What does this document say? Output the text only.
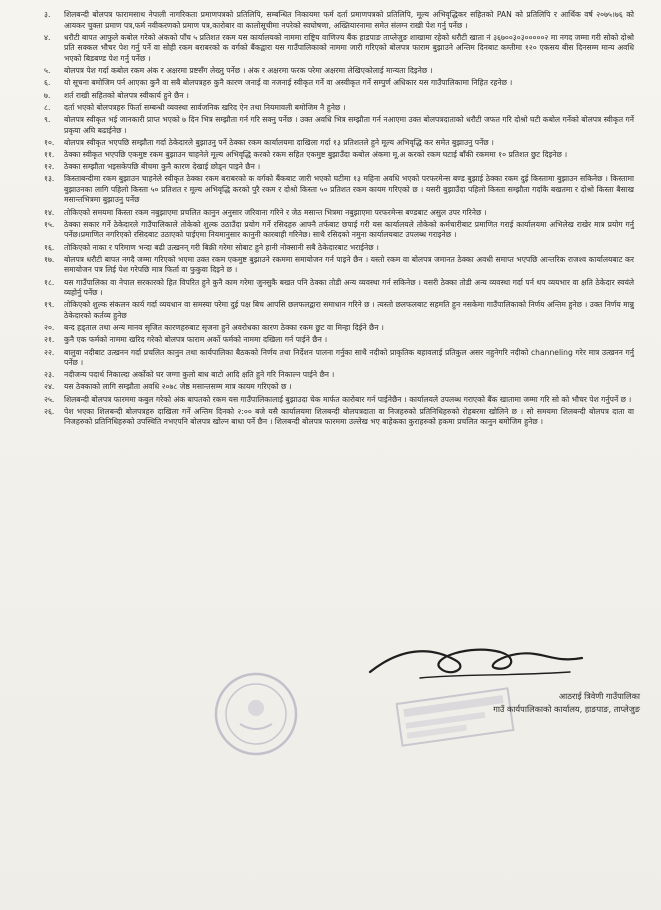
३.	शिलबन्दी बोलपत्र फारामसाथ नेपाली नागरिकता प्रमाणपत्रको प्रतिलिपि, सम्बन्धित निकायमा फर्म दर्ता प्रमाणपत्रको प्रतिलिपि, मूल्य अभिवृद्धिकर सहितको PAN को प्रतिलिपि र आर्थिक वर्ष २०७५।७६ को आयकर चुक्ता प्रमाण पत्र,फर्म नवीकरणको प्रमाण पत्र,कारोबार वा कालोसूचीमा नपरेको स्वघोषणा, अख्तियारनामा समेत संलग्न राखी पेश गर्नु पर्नेछ ।
४.	धरौटी बापत आफुले कबोल गरेको अंकको पाँच ५ प्रतिशत रकम यस कार्यालयको नाममा राष्ट्रिय वाणिज्य बैंक हाडपाङ ताप्लेजुङ शाखामा रहेको धरौटी खाता नं ३६७००३०३०००००२ मा नगद जम्मा गरी सोको दोश्रो प्रति सक्कल भौचर पेश गर्नु पर्ने वा सोही रकम बराबरको क वर्गको बैंकद्वारा यस गाउँपालिकाको नाममा जारी गरिएको बोलपत्र फाराम बुझाउने अन्तिम दिनबाट कम्तीमा १२० एकसय बीस दिनसम्म मान्य अवधि भएको बिडबण्ड पेश गर्नु पर्नेछ ।
५.	बोलपत्र पेश गर्दा कबोल रकम अंक र अक्षरमा प्रष्टसँग लेख्नु पर्नेछ । अंक र अक्षरमा फरक परेमा अक्षरमा लेखिएकोलाई मान्यता दिइनेछ ।
६.	यो सूचना बमोजिम पर्न आएका कुनै वा सबै बोलपत्रहरु कुनै कारण जनाई वा नजनाई स्वीकृत गर्ने वा अस्वीकृत गर्ने सम्पुर्ण अधिकार यस गाउँपालिकामा निहित रहनेछ ।
७.	शर्त राखी सहितको बोलपत्र स्वीकार्य हुने छैन ।
८.	दर्ता भएको बोलपत्रहरु फिर्ता सम्बन्धी व्यवस्था सार्वजनिक खरिद ऐन तथा नियमावली बमोजिम नै हुनेछ ।
९.	बोलपत्र स्वीकृत भई जानकारी प्राप्त भएको ७ दिन भित्र सम्झौता गर्न गरि सक्नु पर्नेछ । उक्त अवधि भित्र सम्झौता गर्न नआएमा उक्त बोलपत्रदाताको धरौटी जफत गरि दोश्रो घटी कबोल गर्नेको बोलपत्र स्वीकृत गर्ने प्रकृया अघि बढाईनेछ ।
१०.	बोलपत्र स्वीकृत भएपछि सम्झौता गर्दा ठेकेदारले बुझाउनु पर्ने ठेक्का रकम कार्यालयमा दाखिला गर्दा १३ प्रतिशतले हुने मूल्य अभिवृद्धि कर समेत बुझाउनु पर्नेछ ।
११.	ठेक्का स्वीकृत भएपछि एकमुष्ट रकम बुझाउन चाहनेले मूल्य अभिवृद्धि करको रकम सहित एकमुष्ट बुझाउँदा कबोल अंकमा मू.अ करको रकम घटाई बाँकी रकममा १० प्रतिशत छुट दिइनेछ ।
१२.	ठेक्का सम्झौता भइसकेपछि बीचमा कुनै कारण देखाई छोड्न पाइने छैन ।
१३.	किस्ताबन्दीमा रकम बुझाउन चाहनेले स्वीकृत ठेक्का रकम बराबरको क वर्गको बैंकबाट जारी भएको घटीमा १३ महिना अवधि भएको परफरमेन्स बण्ड बुझाई ठेक्का रकम दुई किस्तामा बुझाउन सकिनेछ । किस्तामा बुझाउनका लागि पहिलो किस्ता ५० प्रतिशत र मूल्य अभिवृद्धि करको पुरै रकम र दोश्रो किस्ता ५० प्रतिशत रकम कायम गरिएको छ । यसरी बुझाउँदा पहिलो किस्ता सम्झौता गर्दाकै बखतमा र दोश्रो किस्ता बैसाख मसान्तभित्रमा बुझाउनु पर्नेछ
१४.	तोकिएको समयमा किस्ता रकम नबुझाएमा प्रचलित कानुन अनुसार जरिवाना गरिने र जेठ मसान्त भित्रमा नबुझाएमा परफरमेन्स बण्डबाट असुल उपर गरिनेछ ।
१५.	ठेक्का सकार गर्ने ठेकेदारले गाउँपालिकाले तोकेको शुल्क उठाउँदा प्रयोग गर्ने रसिदहरु आफ्नै तर्फबाट छपाई गरी यस कार्यालयले तोकेको कर्मचारीबाट प्रमाणित गराई कार्यालयमा अभिलेख राखेर मात्र प्रयोग गर्नु पर्नेछ।प्रमाणित नगरिएको रसिदबाट उठाएको पाईएमा नियमानुसार कानुनी कारबाही गरिनेछ। साथै रसिदको नमुना कार्यालयबाट उपलब्ध गराइनेछ ।
१६.	तोकिएको नाका र परिमाण भन्दा बढी उत्खनन् गरी बिक्री गरेमा सोबाट हुने हानी नोक्सानी सबै ठेकेदारबाट भराईनेछ ।
१७.	बोलपत्र धरौटी बापत नगदै जम्मा गरिएको भएमा उक्त रकम एकमुष्ट बुझाउने रकममा समायोजन गर्न पाइने छैन । यस्तो रकम वा बोलपत्र जमानत ठेक्का अवधी समाप्त भएपछि आन्तरिक राजश्व कार्यालयबाट कर समायोजन पत्र लिई पेश गरेपछि मात्र फिर्ता वा फुकुवा दिइने छ ।
१८.	यस गाउँपालिका वा नेपाल सरकारको हित विपरित हुने कुनै काम गरेमा जुनसुकै बखत पनि ठेक्का तोडी अन्य व्यवस्था गर्न सकिनेछ । यसरी ठेक्का तोडी अन्य व्यवस्था गर्दा पर्न थप व्ययभार वा क्षति ठेकेदार स्वयंले व्यहोर्नु पर्नेछ ।
१९.	तोकिएको शुल्क संकलन कार्य गर्दा व्ययधान वा समस्या परेमा दुई पक्ष बिच आपसि छलफलद्वारा समाधान गरिने छ । त्यस्तो छलफलबाट सहमति हुन नसकेमा गाउँपालिकाको निर्णय अन्तिम हुनेछ । उक्त निर्णय मान्नु ठेकेदारको कर्तव्य हुनेछ
२०.	बन्द हड्ताल तथा अन्य मानव सृजित कारणहरुबाट सृजना हुने अवरोधका कारण ठेक्का रकम छुट वा मिन्हा दिईने छैन ।
२१.	कुनै एक फर्मको नाममा खरिद गरेको बोलपत्र फाराम अर्को फर्मको नाममा दखिला गर्न पाईने छैन ।
२२.	बालुवा नदीबाट उत्खनन गर्दा प्रचलित कानुन तथा कार्यपालिका बैठकको निर्णय तथा निर्देशन पालना गर्नुका साथै नदीको प्राकृतिक बहावलाई प्रतिकुल असर नहुनेगरि नदीको channeling गरेर मात्र उत्खनन गर्नु पर्नेछ ।
२३.	नदीजन्य पदार्थ निकाल्दा अर्कोको घर जग्गा कुलो बाध बाटो आदि क्षति हुने गरि निकाल्न पाईने छैन ।
२४.	यस ठेक्काको लागि सम्झौता अवधि २०७८ जेष्ठ मसान्तसम्म मात्र कायम गरिएको छ ।
२५.	शिलबन्दी बोलपत्र फारममा कबुल गरेको अंक बापतको रकम यस गाउँपालिकालाई बुझाउदा चेक मार्फत कारोबार गर्न पाईनेछैन । कार्यालयले उपलब्ध गराएको बैंक खातामा जम्मा गरि सो को भौचर पेश गर्नुपर्ने छ ।
२६.	पेश भएका शिलबन्दी बोलपत्रहरु दाखिला गर्ने अन्तिम दिनको २:०० बजे यसै कार्यालयमा शिलबन्दी बोलपत्रदाता वा निजहरुको प्रतिनिधिहरुको रोहबरमा खोलिने छ । सो समयमा शिलबन्दी बोलपत्र दाता वा निजहरुको प्रतिनिधिहरुको उपस्थिति नभएपनि बोलपत्र खोल्न बाधा पर्ने छैन । शिलबन्दी बोलपत्र फारममा उल्लेख भए बाहेकका कुराहरुको हकमा प्रचलित कानुन बमोजिम हुनेछ ।
आठराई त्रिवेणी गाउँपालिका
गाउँ कार्यपालिकाको कार्यालय, हाङपाङ, ताप्लेजुङ
